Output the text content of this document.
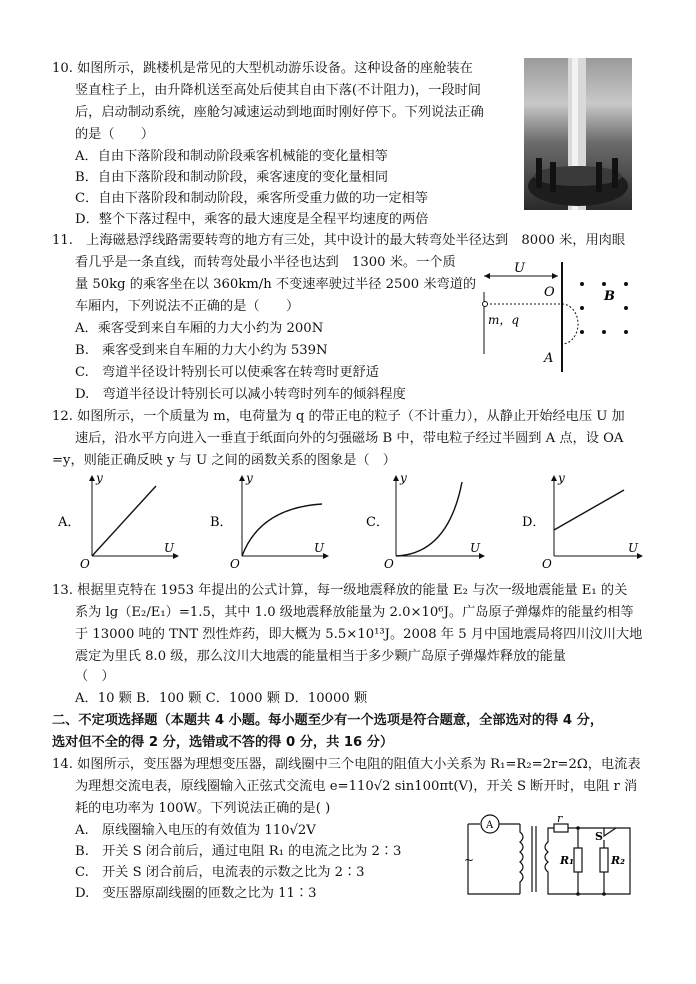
10. 如图所示，跳楼机是常见的大型机动游乐设备。这种设备的座舱装在
竖直柱子上，由升降机送至高处后使其自由下落(不计阻力)，一段时间
后，启动制动系统，座舱匀减速运动到地面时刚好停下。下列说法正确
的是（　　）
A．自由下落阶段和制动阶段乘客机械能的变化量相等
B．自由下落阶段和制动阶段，乘客速度的变化量相同
C．自由下落阶段和制动阶段，乘客所受重力做的功一定相等
D．整个下落过程中，乘客的最大速度是全程平均速度的两倍
11.　上海磁悬浮线路需要转弯的地方有三处，其中设计的最大转弯处半径达到　8000 米，用肉眼
看几乎是一条直线，而转弯处最小半径也达到　1300 米。一个质
量 50kg 的乘客坐在以 360km/h 不变速率驶过半径 2500 米弯道的
车厢内，下列说法不正确的是（　　）
A．乘客受到来自车厢的力大小约为 200N
B.　乘客受到来自车厢的力大小约为 539N
C.　弯道半径设计特别长可以使乘客在转弯时更舒适
D.　弯道半径设计特别长可以减小转弯时列车的倾斜程度
U
O
m，q
A
B
12. 如图所示，一个质量为 m，电荷量为 q 的带正电的粒子（不计重力），从静止开始经电压 U 加
速后，沿水平方向进入一垂直于纸面向外的匀强磁场 B 中，带电粒子经过半圆到 A 点，设 OA
=y，则能正确反映 y 与 U 之间的函数关系的图象是（　）
A．
y
U
O
B．
y
U
O
C．
y
U
O
D．
y
U
O
13. 根据里克特在 1953 年提出的公式计算，每一级地震释放的能量 E₂ 与次一级地震能量 E₁ 的关
系为 lg（E₂/E₁）=1.5，其中 1.0 级地震释放能量为 2.0×10⁶J。广岛原子弹爆炸的能量约相等
于 13000 吨的 TNT 烈性炸药，即大概为 5.5×10¹³J。2008 年 5 月中国地震局将四川汶川大地
震定为里氏 8.0 级，那么汶川大地震的能量相当于多少颗广岛原子弹爆炸释放的能量
（　）
A．10 颗 B．100 颗 C．1000 颗 D．10000 颗
二、不定项选择题（本题共 4 小题。每小题至少有一个选项是符合题意，全部选对的得 4 分，
选对但不全的得 2 分，选错或不答的得 0 分，共 16 分）
14. 如图所示，变压器为理想变压器，副线圈中三个电阻的阻值大小关系为 R₁=R₂=2r=2Ω，电流表
为理想交流电表，原线圈输入正弦式交流电 e=110√2 sin100πt(V)，开关 S 断开时，电阻 r 消
耗的电功率为 100W。下列说法正确的是( )
A.　原线圈输入电压的有效值为 110√2V
B.　开关 S 闭合前后，通过电阻 R₁ 的电流之比为 2∶3
C.　开关 S 闭合前后，电流表的示数之比为 2∶3
D.　变压器原副线圈的匝数之比为 11∶3
A
~
r
S
R₁	R₂
